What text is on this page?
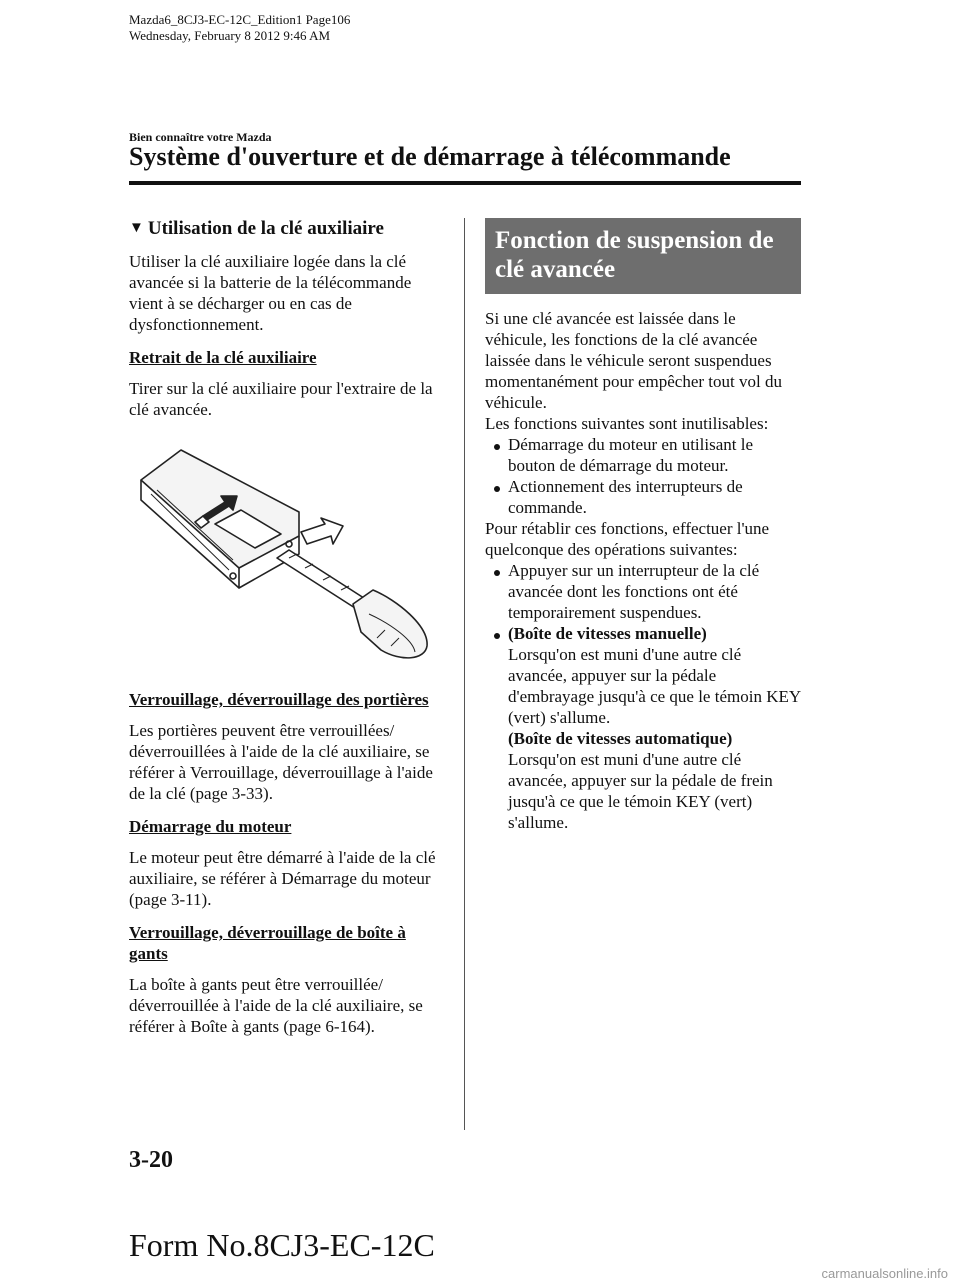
Mazda6_8CJ3-EC-12C_Edition1 Page106
Wednesday, February 8 2012 9:46 AM
Bien connaître votre Mazda
Système d'ouverture et de démarrage à télécommande
▼ Utilisation de la clé auxiliaire

Utiliser la clé auxiliaire logée dans la clé avancée si la batterie de la télécommande vient à se décharger ou en cas de dysfonctionnement.

Retrait de la clé auxiliaire

Tirer sur la clé auxiliaire pour l'extraire de la clé avancée.

Verrouillage, déverrouillage des portières

Les portières peuvent être verrouillées/ déverrouillées à l'aide de la clé auxiliaire, se référer à Verrouillage, déverrouillage à l'aide de la clé (page 3-33).

Démarrage du moteur

Le moteur peut être démarré à l'aide de la clé auxiliaire, se référer à Démarrage du moteur (page 3-11).

Verrouillage, déverrouillage de boîte à gants

La boîte à gants peut être verrouillée/ déverrouillée à l'aide de la clé auxiliaire, se référer à Boîte à gants (page 6-164).

Fonction de suspension de clé avancée

Si une clé avancée est laissée dans le véhicule, les fonctions de la clé avancée laissée dans le véhicule seront suspendues momentanément pour empêcher tout vol du véhicule.

Les fonctions suivantes sont inutilisables:

Démarrage du moteur en utilisant le bouton de démarrage du moteur.
Actionnement des interrupteurs de commande.

Pour rétablir ces fonctions, effectuer l'une quelconque des opérations suivantes:

Appuyer sur un interrupteur de la clé avancée dont les fonctions ont été temporairement suspendues.
(Boîte de vitesses manuelle)
Lorsqu'on est muni d'une autre clé avancée, appuyer sur la pédale d'embrayage jusqu'à ce que le témoin KEY (vert) s'allume.
(Boîte de vitesses automatique)
Lorsqu'on est muni d'une autre clé avancée, appuyer sur la pédale de frein jusqu'à ce que le témoin KEY (vert) s'allume.
3-20
Form No.8CJ3-EC-12C
carmanualsonline.info
